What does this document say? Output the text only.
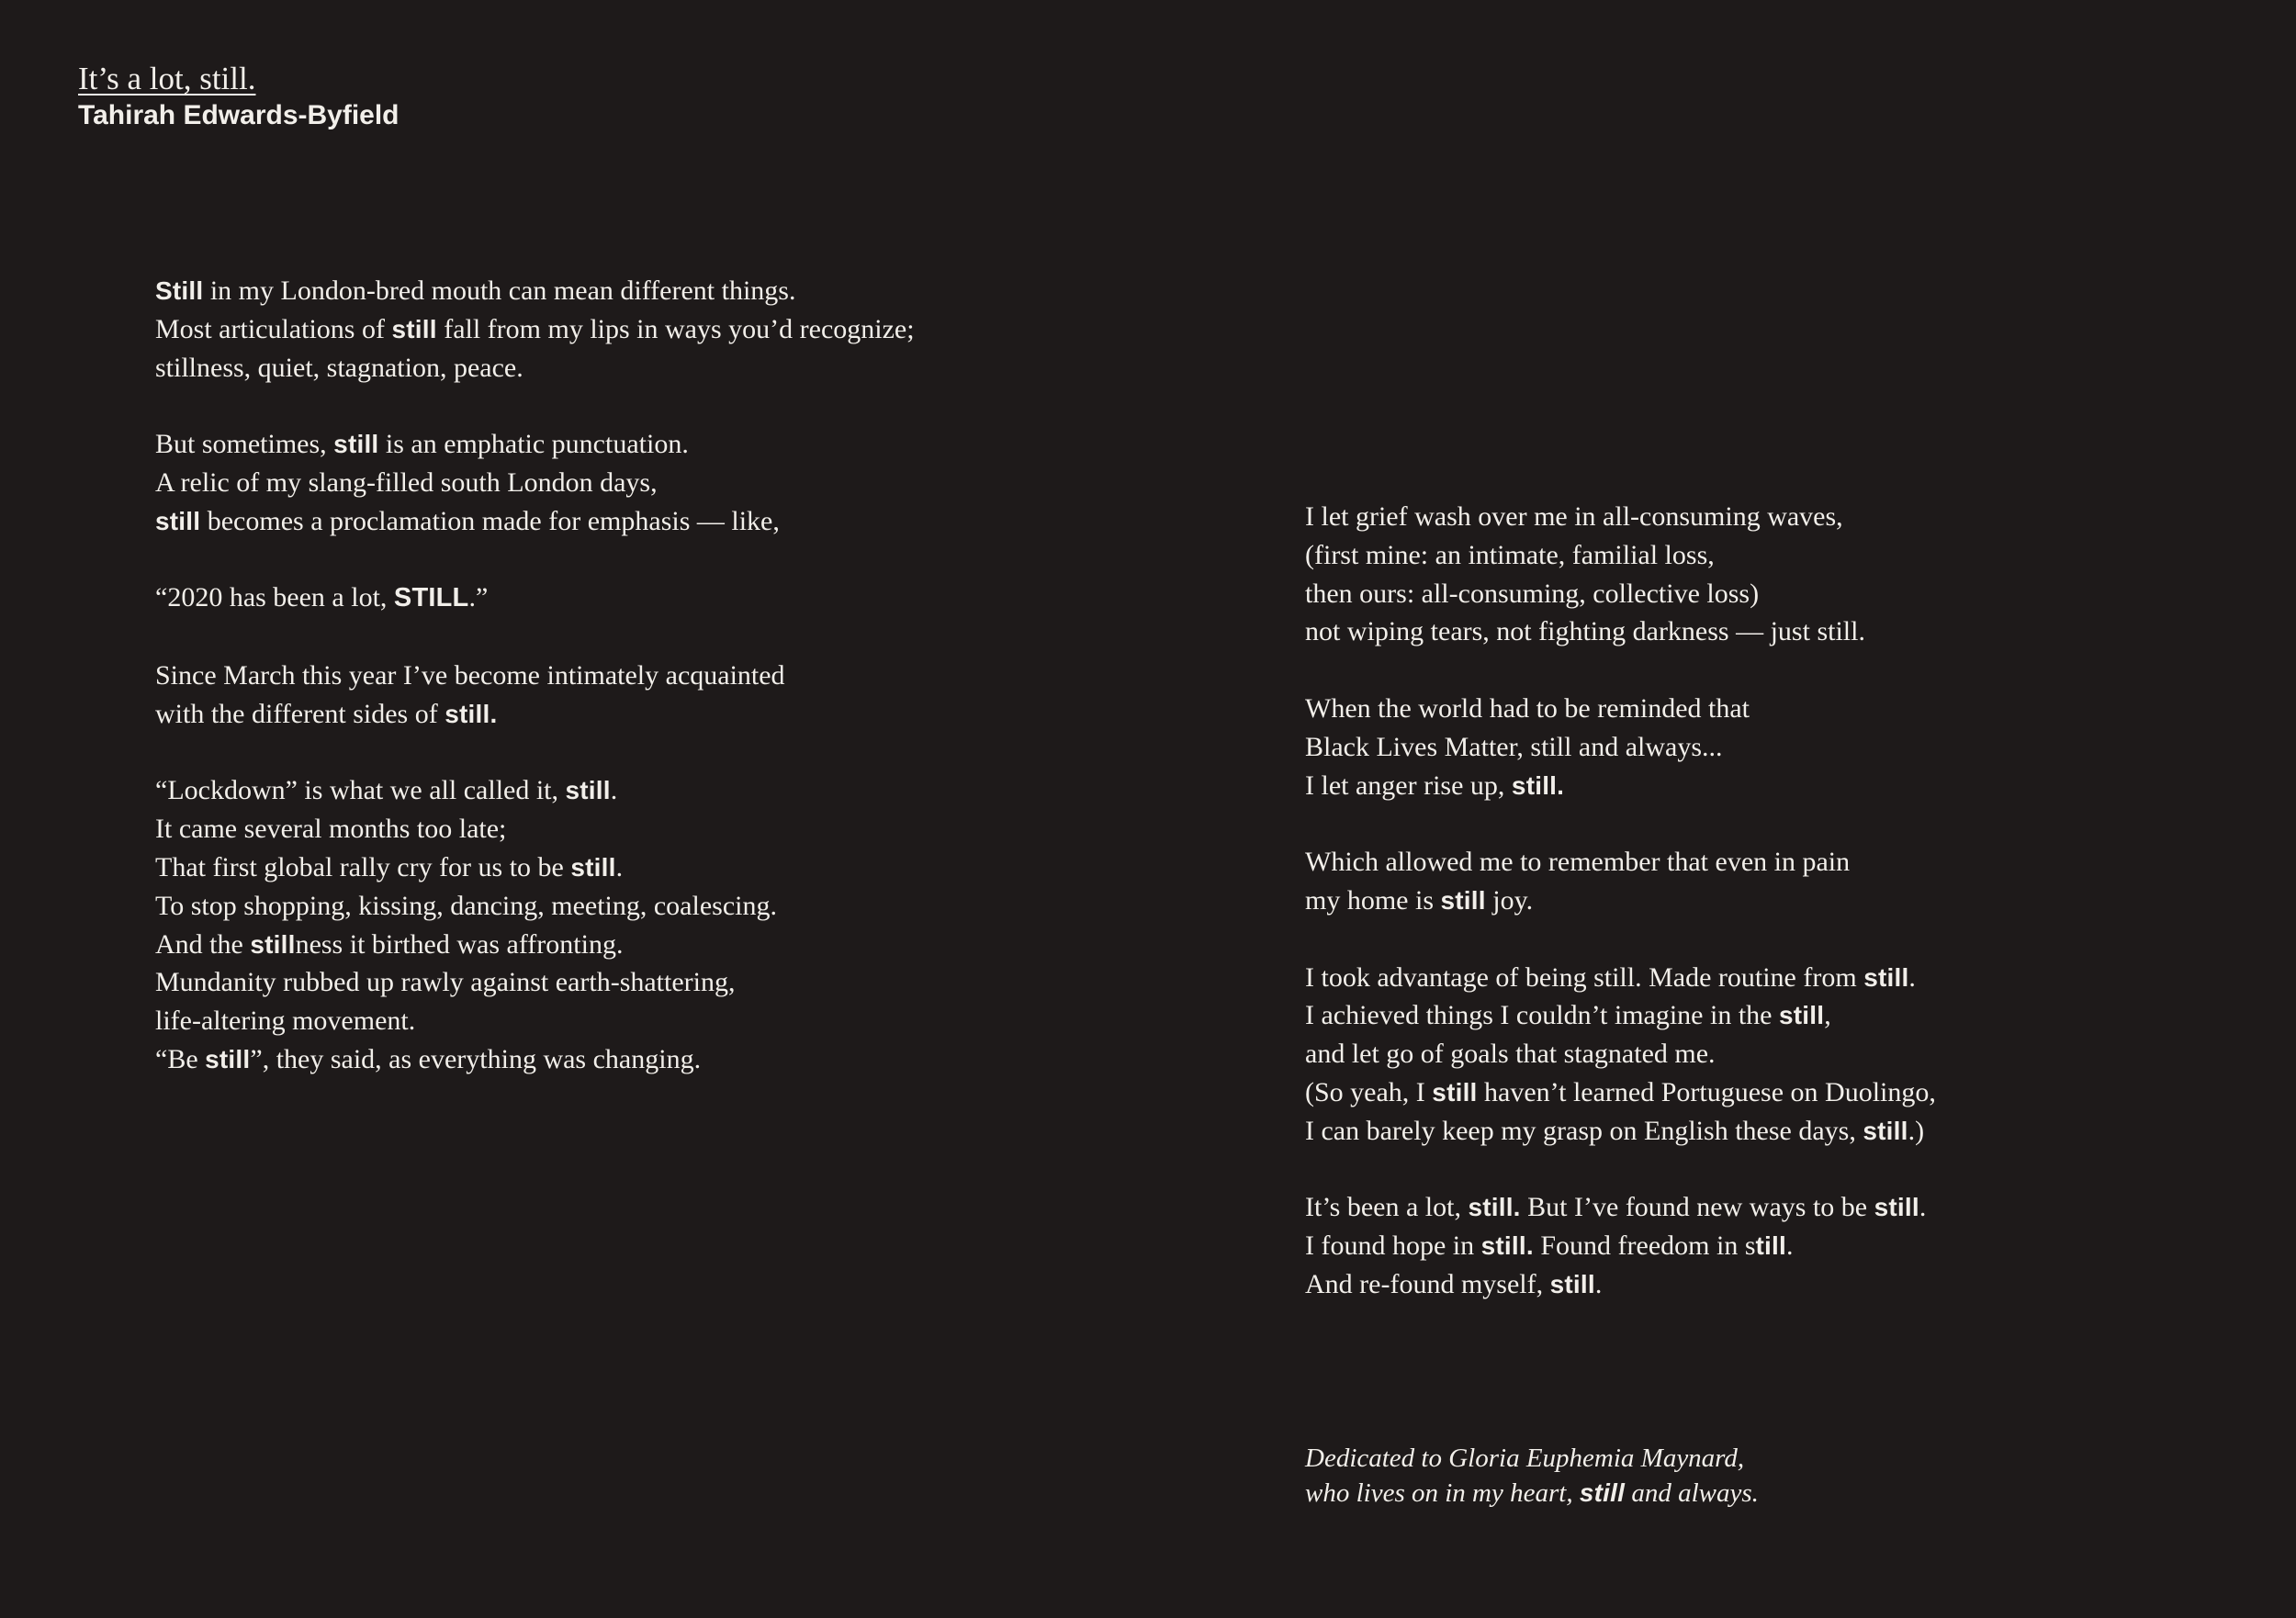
It’s a lot, still.
Tahirah Edwards-Byfield
Still in my London-bred mouth can mean different things.
Most articulations of still fall from my lips in ways you’d recognize;
stillness, quiet, stagnation, peace.
But sometimes, still is an emphatic punctuation.
A relic of my slang-filled south London days,
still becomes a proclamation made for emphasis — like,
“2020 has been a lot, STILL.”
Since March this year I’ve become intimately acquainted
with the different sides of still.
“Lockdown” is what we all called it, still.
It came several months too late;
That first global rally cry for us to be still.
To stop shopping, kissing, dancing, meeting, coalescing.
And the stillness it birthed was affronting.
Mundanity rubbed up rawly against earth-shattering,
life-altering movement.
“Be still”, they said, as everything was changing.
I let grief wash over me in all-consuming waves,
(first mine: an intimate, familial loss,
then ours: all-consuming, collective loss)
not wiping tears, not fighting darkness — just still.
When the world had to be reminded that
Black Lives Matter, still and always...
I let anger rise up, still.
Which allowed me to remember that even in pain
my home is still joy.
I took advantage of being still. Made routine from still.
I achieved things I couldn’t imagine in the still,
and let go of goals that stagnated me.
(So yeah, I still haven’t learned Portuguese on Duolingo,
I can barely keep my grasp on English these days, still.)
It’s been a lot, still. But I’ve found new ways to be still.
I found hope in still. Found freedom in still.
And re-found myself, still.
Dedicated to Gloria Euphemia Maynard,
who lives on in my heart, still and always.
